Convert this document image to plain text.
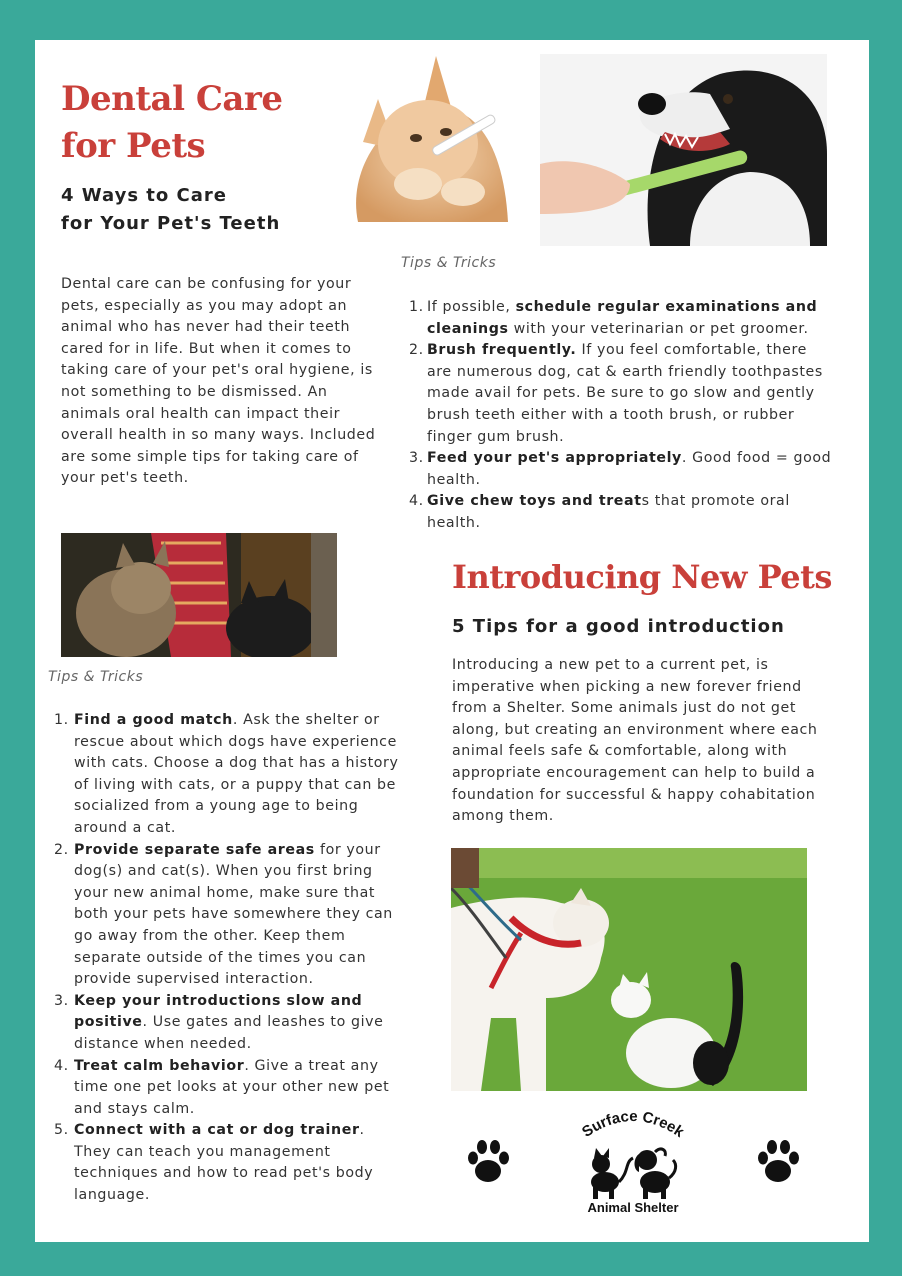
Dental Care
for Pets
4 Ways to Care
for Your Pet's Teeth
Tips & Tricks
Dental care can be confusing for your pets, especially as you may adopt an animal who has never had their teeth cared for in life. But when it comes to taking care of your pet's oral hygiene, is not something to be dismissed. An animals oral health can impact their overall health in so many ways. Included are some simple tips for taking care of your pet's teeth.
1. If possible, schedule regular examinations and cleanings with your veterinarian or pet groomer.
2. Brush frequently. If you feel comfortable, there are numerous dog, cat & earth friendly toothpastes made avail for pets. Be sure to go slow and gently brush teeth either with a tooth brush, or rubber finger gum brush.
3. Feed your pet's appropriately. Good food = good health.
4. Give chew toys and treats that promote oral health.
Tips & Tricks
1. Find a good match. Ask the shelter or rescue about which dogs have experience with cats. Choose a dog that has a history of living with cats, or a puppy that can be socialized from a young age to being around a cat.
2. Provide separate safe areas for your dog(s) and cat(s). When you first bring your new animal home, make sure that both your pets have somewhere they can go away from the other. Keep them separate outside of the times you can provide supervised interaction.
3. Keep your introductions slow and positive. Use gates and leashes to give distance when needed.
4. Treat calm behavior. Give a treat any time one pet looks at your other new pet and stays calm.
5. Connect with a cat or dog trainer. They can teach you management techniques and how to read pet's body language.
Introducing New Pets
5 Tips for a good introduction
Introducing a new pet to a current pet, is imperative when picking a new forever friend from a Shelter. Some animals just do not get along, but creating an environment where each animal feels safe & comfortable, along with appropriate encouragement can help to build a foundation for successful & happy cohabitation among them.
Surface Creek
Animal Shelter
